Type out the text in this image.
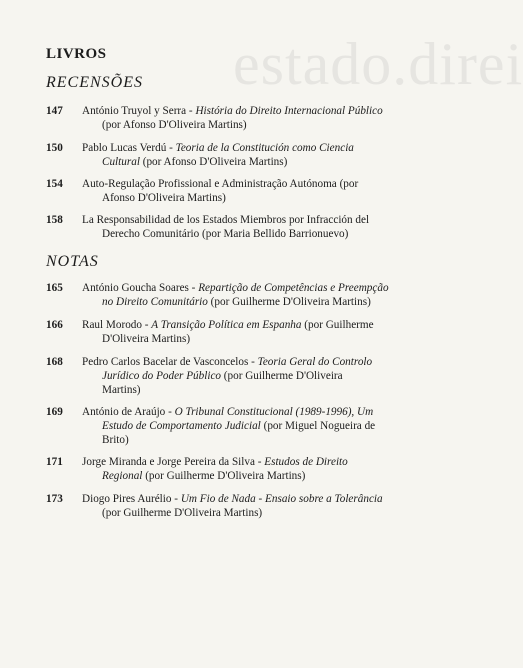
estado.direi
LIVROS
RECENSÕES
147	António Truyol y Serra - História do Direito Internacional Público
(por Afonso D'Oliveira Martins)
150	Pablo Lucas Verdú - Teoria de la Constitución como Ciencia
Cultural (por Afonso D'Oliveira Martins)
154	Auto-Regulação Profissional e Administração Autónoma (por
Afonso D'Oliveira Martins)
158	La Responsabilidad de los Estados Miembros por Infracción del
Derecho Comunitário (por Maria Bellido Barrionuevo)
NOTAS
165	António Goucha Soares - Repartição de Competências e Preempção
no Direito Comunitário (por Guilherme D'Oliveira Martins)
166	Raul Morodo - A Transição Política em Espanha (por Guilherme
D'Oliveira Martins)
168	Pedro Carlos Bacelar de Vasconcelos - Teoria Geral do Controlo
Jurídico do Poder Público (por Guilherme D'Oliveira
Martins)
169	António de Araújo - O Tribunal Constitucional (1989-1996), Um
Estudo de Comportamento Judicial (por Miguel Nogueira de
Brito)
171	Jorge Miranda e Jorge Pereira da Silva - Estudos de Direito
Regional (por Guilherme D'Oliveira Martins)
173	Diogo Pires Aurélio - Um Fio de Nada - Ensaio sobre a Tolerância
(por Guilherme D'Oliveira Martins)
